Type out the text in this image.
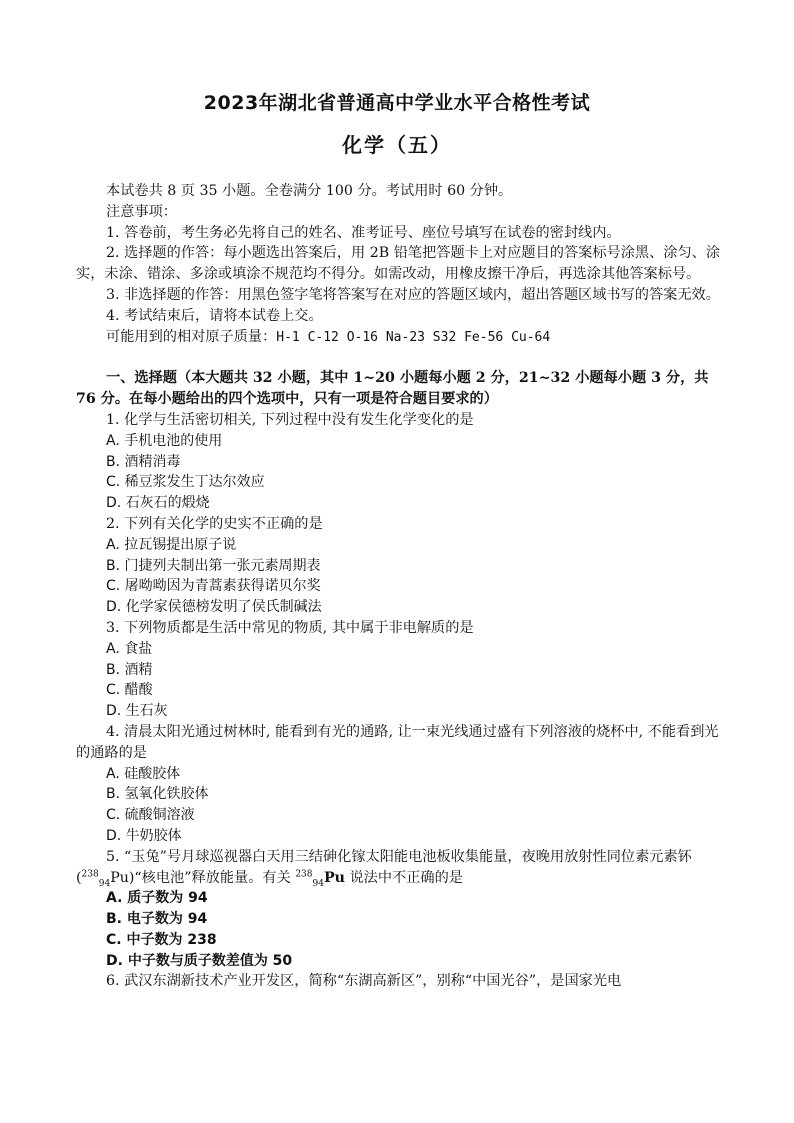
2023年湖北省普通高中学业水平合格性考试
化学（五）

本试卷共 8 页 35 小题。全卷满分 100 分。考试用时 60 分钟。

注意事项：

1. 答卷前，考生务必先将自己的姓名、准考证号、座位号填写在试卷的密封线内。

2. 选择题的作答：每小题选出答案后，用 2B 铅笔把答题卡上对应题目的答案标号涂黑、涂匀、涂实，未涂、错涂、多涂或填涂不规范均不得分。如需改动，用橡皮擦干净后，再选涂其他答案标号。

3. 非选择题的作答：用黑色签字笔将答案写在对应的答题区域内，超出答题区域书写的答案无效。

4. 考试结束后，请将本试卷上交。

可能用到的相对原子质量：H-1 C-12 O-16 Na-23 S32 Fe-56 Cu-64

一、选择题（本大题共 32 小题，其中 1~20 小题每小题 2 分，21~32 小题每小题 3 分，共 76 分。在每小题给出的四个选项中，只有一项是符合题目要求的）

1. 化学与生活密切相关, 下列过程中没有发生化学变化的是

A. 手机电池的使用

B. 酒精消毒

C. 稀豆浆发生丁达尔效应

D. 石灰石的煅烧

2. 下列有关化学的史实不正确的是

A. 拉瓦锡提出原子说

B. 门捷列夫制出第一张元素周期表

C. 屠呦呦因为青蒿素获得诺贝尔奖

D. 化学家侯德榜发明了侯氏制碱法

3. 下列物质都是生活中常见的物质, 其中属于非电解质的是

A. 食盐

B. 酒精

C. 醋酸

D. 生石灰

4. 清晨太阳光通过树林时, 能看到有光的通路, 让一束光线通过盛有下列溶液的烧杯中, 不能看到光的通路的是

A. 硅酸胶体

B. 氢氧化铁胶体

C. 硫酸铜溶液

D. 牛奶胶体

5. “玉兔”号月球巡视器白天用三结砷化镓太阳能电池板收集能量，夜晚用放射性同位素元素钚($^{238}_{94}$Pu)“核电池”释放能量。有关 $^{238}_{94}$Pu 说法中不正确的是

A. 质子数为 94

B. 电子数为 94

C. 中子数为 238

D. 中子数与质子数差值为 50

6. 武汉东湖新技术产业开发区，简称“东湖高新区”，别称“中国光谷”，是国家光电
